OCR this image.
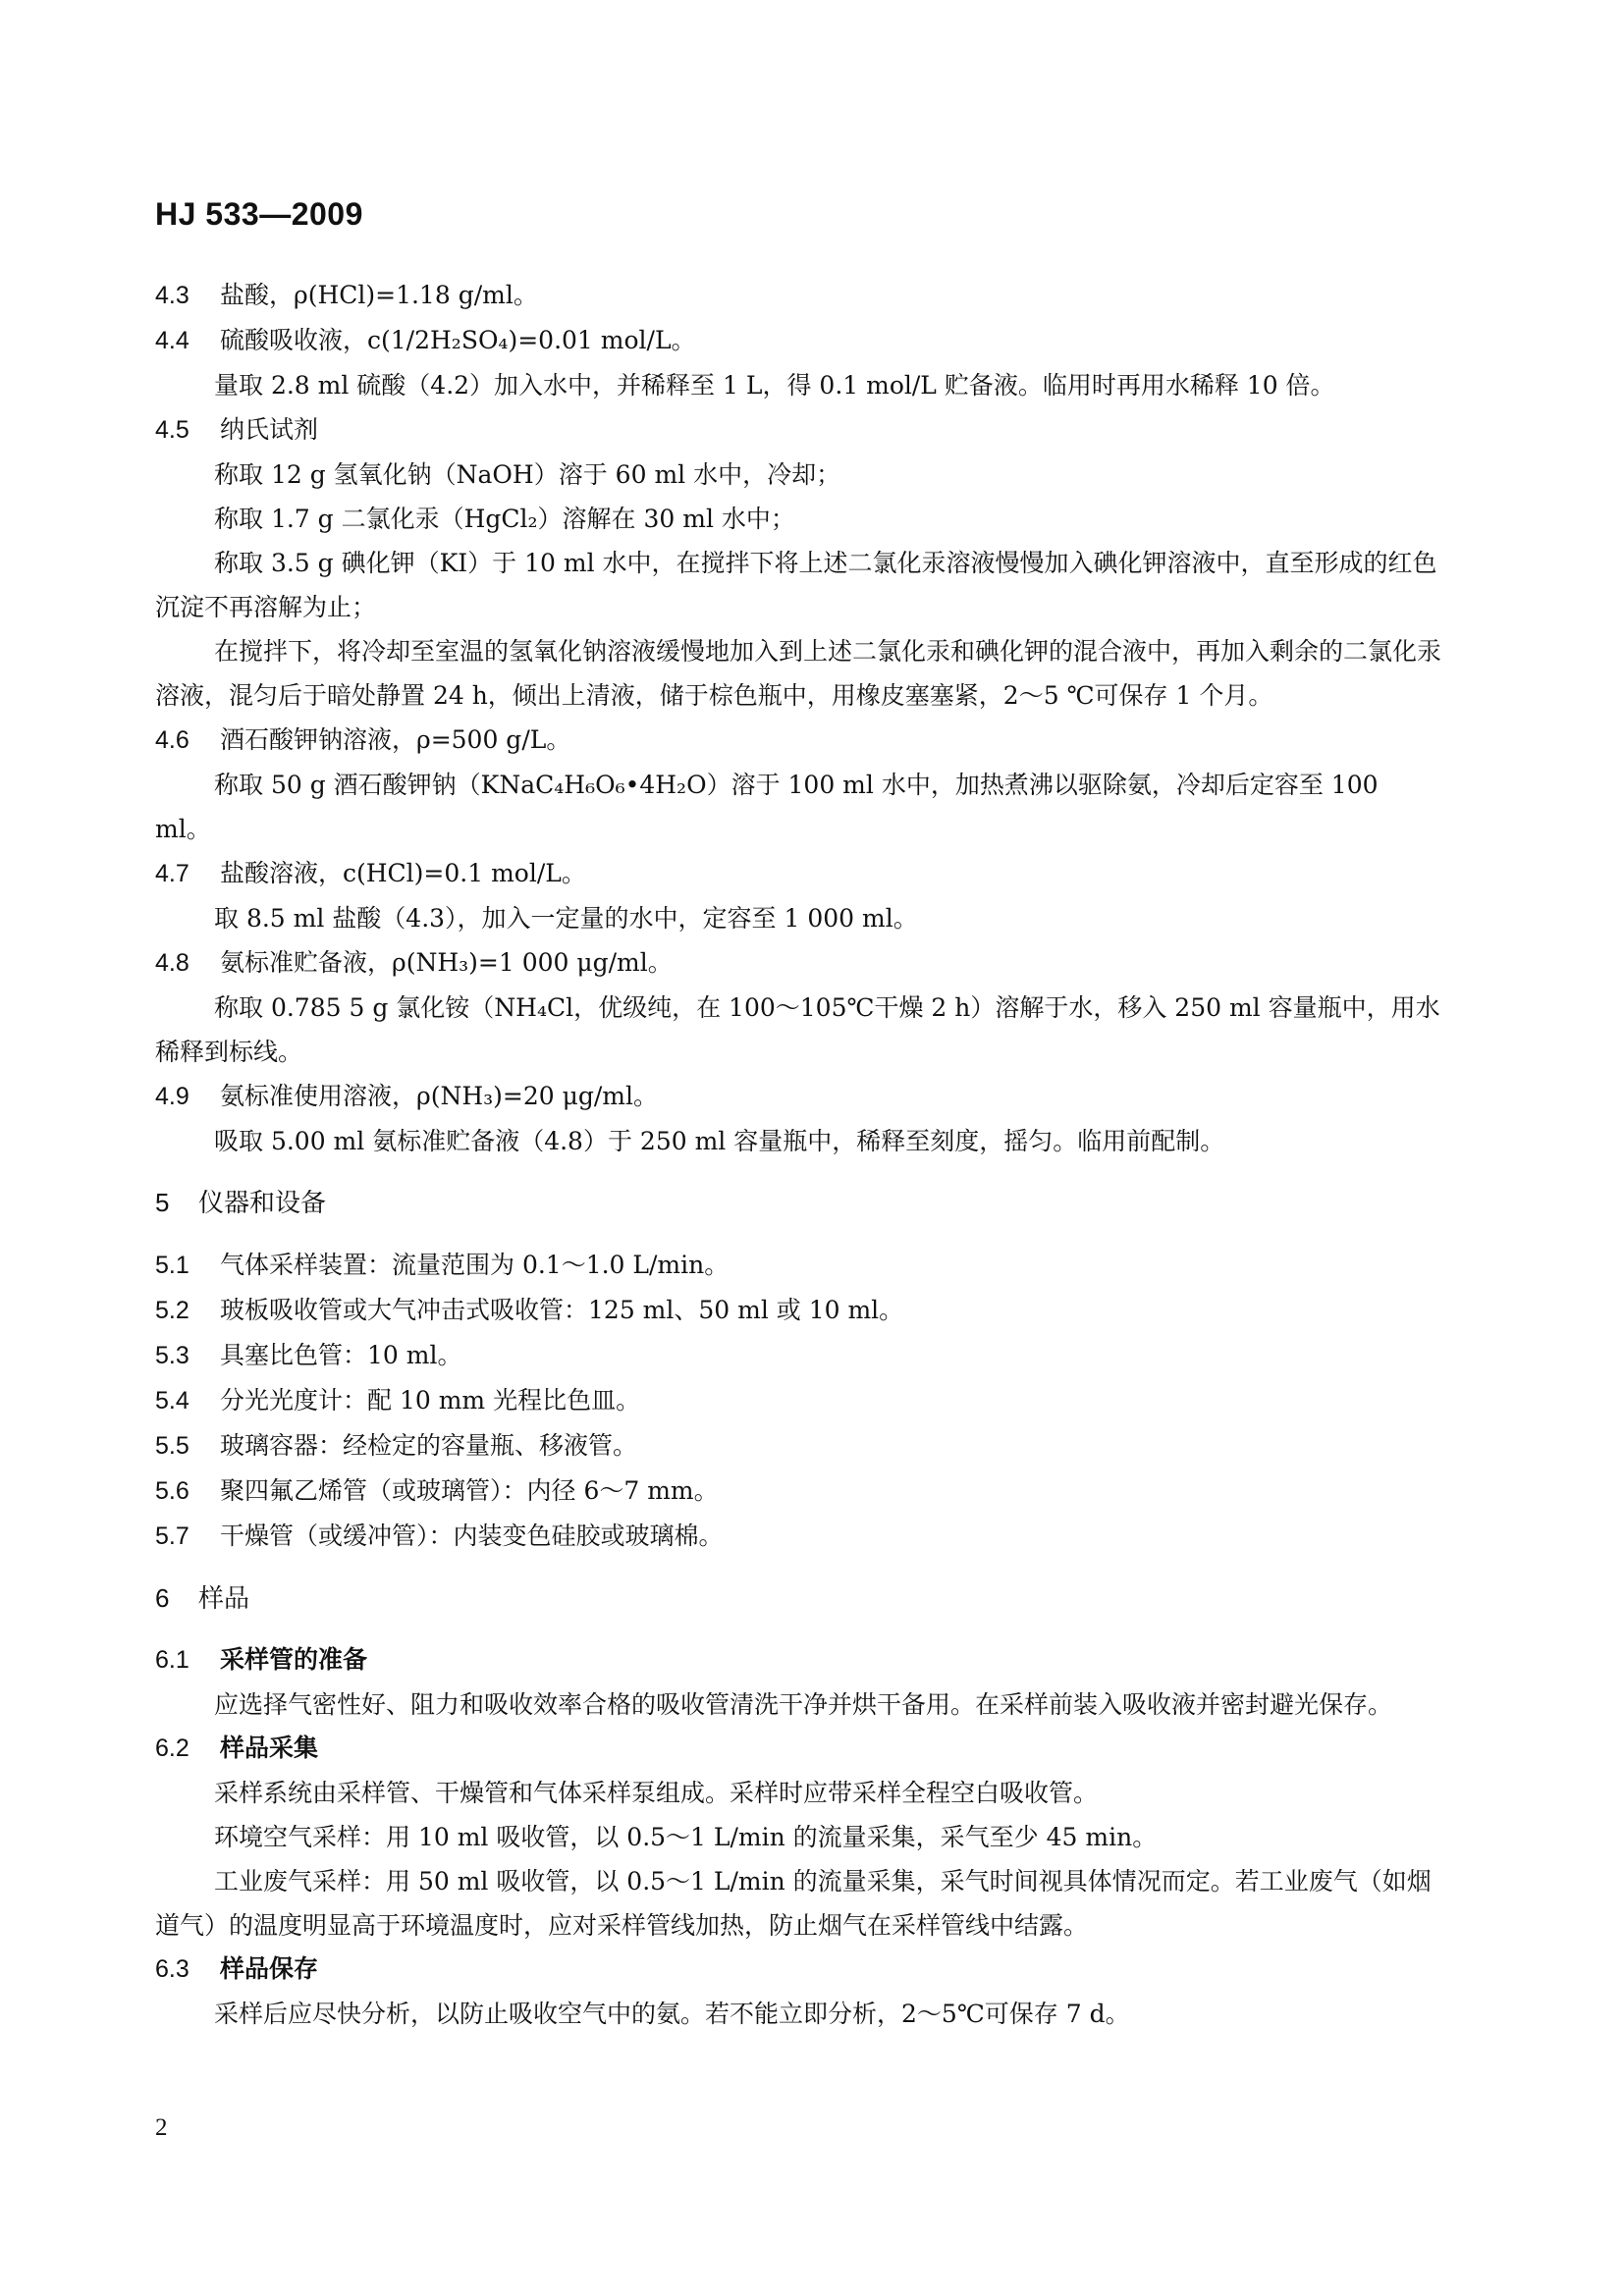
HJ 533—2009

4.3 盐酸，ρ(HCl)=1.18 g/ml。

4.4 硫酸吸收液，c(1/2H₂SO₄)=0.01 mol/L。

量取 2.8 ml 硫酸（4.2）加入水中，并稀释至 1 L，得 0.1 mol/L 贮备液。临用时再用水稀释 10 倍。

4.5 纳氏试剂

称取 12 g 氢氧化钠（NaOH）溶于 60 ml 水中，冷却；

称取 1.7 g 二氯化汞（HgCl₂）溶解在 30 ml 水中；

称取 3.5 g 碘化钾（KI）于 10 ml 水中，在搅拌下将上述二氯化汞溶液慢慢加入碘化钾溶液中，直至形成的红色沉淀不再溶解为止；

在搅拌下，将冷却至室温的氢氧化钠溶液缓慢地加入到上述二氯化汞和碘化钾的混合液中，再加入剩余的二氯化汞溶液，混匀后于暗处静置 24 h，倾出上清液，储于棕色瓶中，用橡皮塞塞紧，2～5 ℃可保存 1 个月。

4.6 酒石酸钾钠溶液，ρ=500 g/L。

称取 50 g 酒石酸钾钠（KNaC₄H₆O₆•4H₂O）溶于 100 ml 水中，加热煮沸以驱除氨，冷却后定容至 100 ml。

4.7 盐酸溶液，c(HCl)=0.1 mol/L。

取 8.5 ml 盐酸（4.3），加入一定量的水中，定容至 1 000 ml。

4.8 氨标准贮备液，ρ(NH₃)=1 000 μg/ml。

称取 0.785 5 g 氯化铵（NH₄Cl，优级纯，在 100～105℃干燥 2 h）溶解于水，移入 250 ml 容量瓶中，用水稀释到标线。

4.9 氨标准使用溶液，ρ(NH₃)=20 μg/ml。

吸取 5.00 ml 氨标准贮备液（4.8）于 250 ml 容量瓶中，稀释至刻度，摇匀。临用前配制。

5 仪器和设备

5.1 气体采样装置：流量范围为 0.1～1.0 L/min。

5.2 玻板吸收管或大气冲击式吸收管：125 ml、50 ml 或 10 ml。

5.3 具塞比色管：10 ml。

5.4 分光光度计：配 10 mm 光程比色皿。

5.5 玻璃容器：经检定的容量瓶、移液管。

5.6 聚四氟乙烯管（或玻璃管）：内径 6～7 mm。

5.7 干燥管（或缓冲管）：内装变色硅胶或玻璃棉。

6 样品

6.1 采样管的准备

应选择气密性好、阻力和吸收效率合格的吸收管清洗干净并烘干备用。在采样前装入吸收液并密封避光保存。

6.2 样品采集

采样系统由采样管、干燥管和气体采样泵组成。采样时应带采样全程空白吸收管。

环境空气采样：用 10 ml 吸收管，以 0.5～1 L/min 的流量采集，采气至少 45 min。

工业废气采样：用 50 ml 吸收管，以 0.5～1 L/min 的流量采集，采气时间视具体情况而定。若工业废气（如烟道气）的温度明显高于环境温度时，应对采样管线加热，防止烟气在采样管线中结露。

6.3 样品保存

采样后应尽快分析，以防止吸收空气中的氨。若不能立即分析，2～5℃可保存 7 d。

2
